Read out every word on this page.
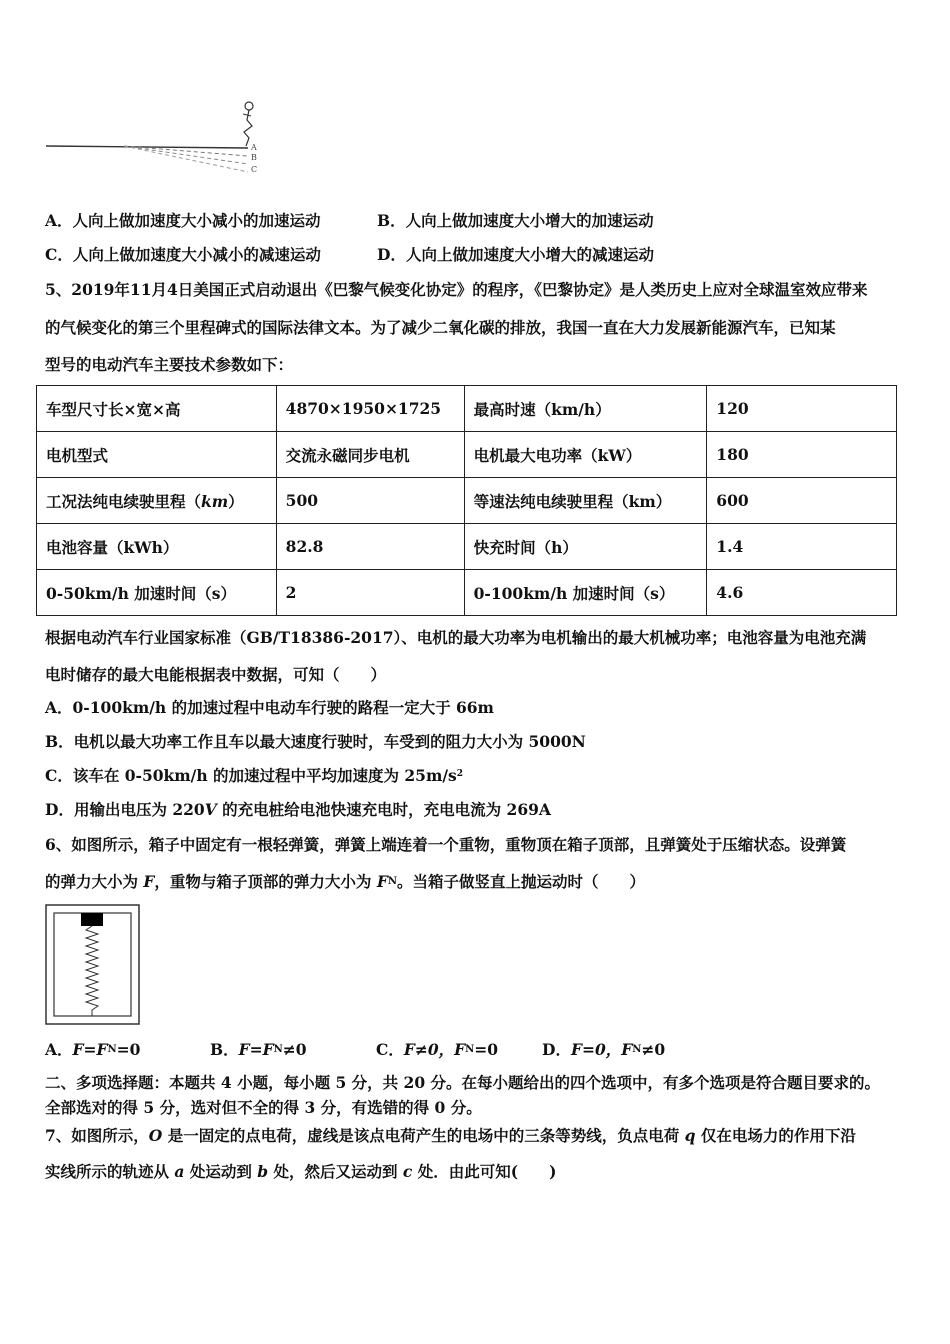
A
B
C
A．人向上做加速度大小减小的加速运动	B．人向上做加速度大小增大的加速运动
C．人向上做加速度大小减小的减速运动	D．人向上做加速度大小增大的减速运动
5、2019年11月4日美国正式启动退出《巴黎气候变化协定》的程序，《巴黎协定》是人类历史上应对全球温室效应带来
的气候变化的第三个里程碑式的国际法律文本。为了减少二氧化碳的排放，我国一直在大力发展新能源汽车，已知某
型号的电动汽车主要技术参数如下：
车型尺寸长×宽×高	4870×1950×1725	最高时速（km/h）	120
电机型式	交流永磁同步电机	电机最大电功率（kW）	180
工况法纯电续驶里程（km）	500	等速法纯电续驶里程（km）	600
电池容量（kWh）	82.8	快充时间（h）	1.4
0-50km/h 加速时间（s）	2	0-100km/h 加速时间（s）	4.6
根据电动汽车行业国家标准（GB/T18386-2017）、电机的最大功率为电机输出的最大机械功率；电池容量为电池充满
电时储存的最大电能根据表中数据，可知（　　）
A．0-100km/h 的加速过程中电动车行驶的路程一定大于 66m
B．电机以最大功率工作且车以最大速度行驶时，车受到的阻力大小为 5000N
C．该车在 0-50km/h 的加速过程中平均加速度为 $25m/s^2$
D．用输出电压为 220V 的充电桩给电池快速充电时，充电电流为 269A
6、如图所示，箱子中固定有一根轻弹簧，弹簧上端连着一个重物，重物顶在箱子顶部，且弹簧处于压缩状态。设弹簧
的弹力大小为 F，重物与箱子顶部的弹力大小为 FN。当箱子做竖直上抛运动时（　　）
A．F=FN=0	B．F=FN≠0	C．F≠0，FN=0	D．F=0，FN≠0
二、多项选择题：本题共 4 小题，每小题 5 分，共 20 分。在每小题给出的四个选项中，有多个选项是符合题目要求的。
全部选对的得 5 分，选对但不全的得 3 分，有选错的得 0 分。
7、如图所示，O 是一固定的点电荷，虚线是该点电荷产生的电场中的三条等势线，负点电荷 q 仅在电场力的作用下沿
实线所示的轨迹从 a 处运动到 b 处，然后又运动到 c 处．由此可知(　　)
